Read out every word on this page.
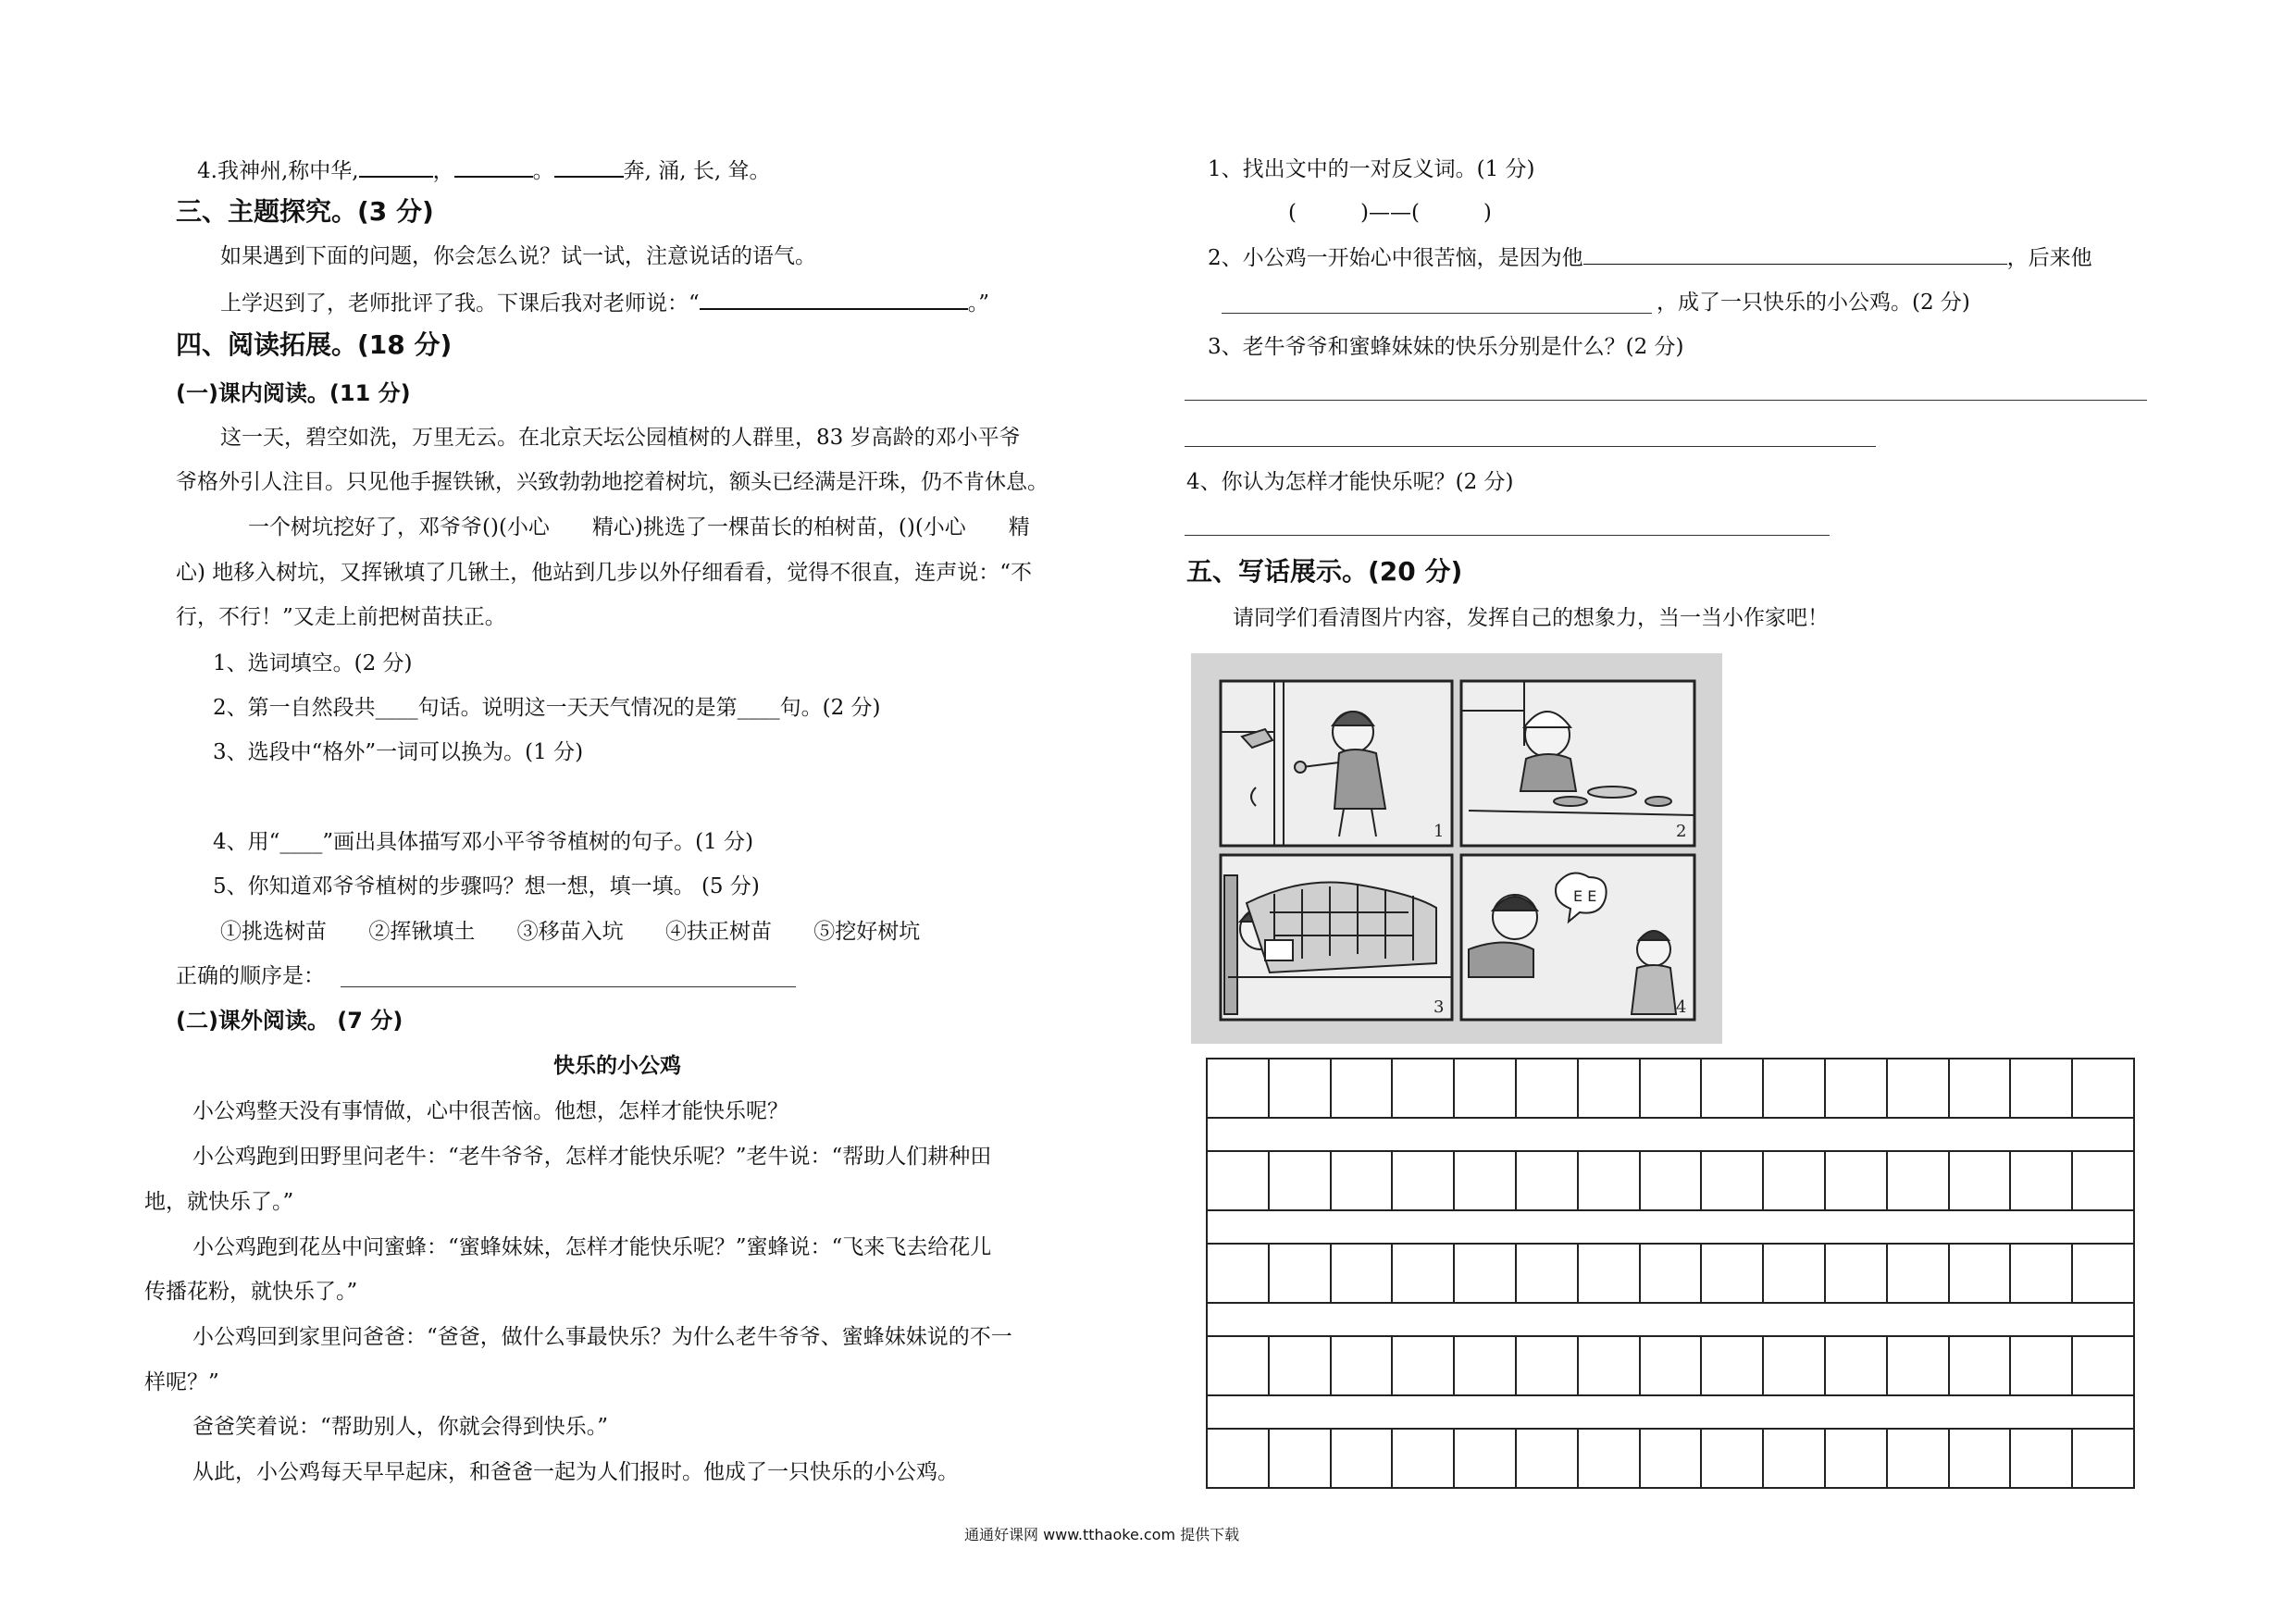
4.我神州,称中华,	，	。	奔, 涌, 长, 耸。
三、主题探究。(3 分)
如果遇到下面的问题，你会怎么说？试一试，注意说话的语气。
上学迟到了，老师批评了我。下课后我对老师说：“	。”
四、阅读拓展。(18 分)
(一)课内阅读。(11 分)
这一天，碧空如洗，万里无云。在北京天坛公园植树的人群里，83 岁高龄的邓小平爷
爷格外引人注目。只见他手握铁锹，兴致勃勃地挖着树坑，额头已经满是汗珠，仍不肯休息。
一个树坑挖好了，邓爷爷()(小心　　精心)挑选了一棵苗长的柏树苗，()(小心　　精
心) 地移入树坑，又挥锹填了几锹土，他站到几步以外仔细看看，觉得不很直，连声说：“不
行，不行！”又走上前把树苗扶正。
1、选词填空。(2 分)
2、第一自然段共____句话。说明这一天天气情况的是第____句。(2 分)
3、选段中“格外”一词可以换为。(1 分)
4、用“____”画出具体描写邓小平爷爷植树的句子。(1 分)
5、你知道邓爷爷植树的步骤吗？想一想，填一填。 (5 分)
①挑选树苗 ②挥锹填土 ③移苗入坑 ④扶正树苗 ⑤挖好树坑
正确的顺序是：
(二)课外阅读。 (7 分)
快乐的小公鸡
小公鸡整天没有事情做，心中很苦恼。他想，怎样才能快乐呢？
小公鸡跑到田野里问老牛：“老牛爷爷，怎样才能快乐呢？”老牛说：“帮助人们耕种田
地，就快乐了。”
小公鸡跑到花丛中问蜜蜂：“蜜蜂妹妹，怎样才能快乐呢？”蜜蜂说：“飞来飞去给花儿
传播花粉，就快乐了。”
小公鸡回到家里问爸爸：“爸爸，做什么事最快乐？为什么老牛爷爷、蜜蜂妹妹说的不一
样呢？”
爸爸笑着说：“帮助别人，你就会得到快乐。”
从此，小公鸡每天早早起床，和爸爸一起为人们报时。他成了一只快乐的小公鸡。
1、找出文中的一对反义词。(1 分)
(　　　)——(　　　)
2、小公鸡一开始心中很苦恼，是因为他	，后来他
，成了一只快乐的小公鸡。(2 分)
3、老牛爷爷和蜜蜂妹妹的快乐分别是什么？(2 分)
4、你认为怎样才能快乐呢？(2 分)
五、写话展示。(20 分)
请同学们看清图片内容，发挥自己的想象力，当一当小作家吧！
E E
1	2
3	4
通通好课网 www.tthaoke.com 提供下载
